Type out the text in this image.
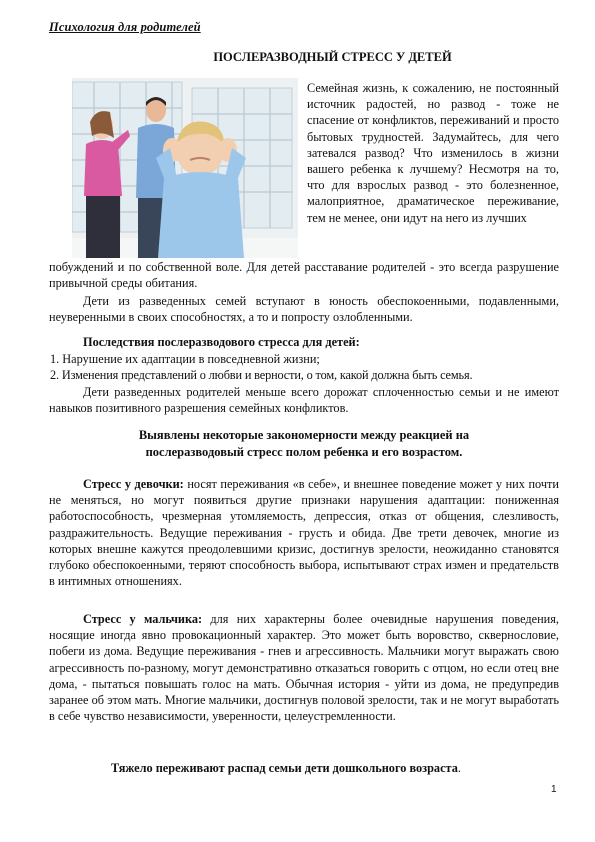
Психология для родителей
ПОСЛЕРАЗВОДНЫЙ СТРЕСС У ДЕТЕЙ
Семейная жизнь, к сожалению, не постоянный источник радостей, но развод - тоже не спасение от конфликтов, переживаний и просто бытовых трудностей. Задумайтесь, для чего затевался развод? Что изменилось в жизни вашего ребенка к лучшему? Несмотря на то, что для взрослых развод - это болезненное, малоприятное, драматическое переживание, тем не менее, они идут на него из лучших
побуждений и по собственной воле. Для детей расставание родителей - это всегда разрушение привычной среды обитания.
Дети из разведенных семей вступают в юность обеспокоенными, подавленными, неуверенными в своих способностях, а то и попросту озлобленными.
Последствия послеразводового стресса для детей:
1. Нарушение их адаптации в повседневной жизни;
2. Изменения представлений о любви и верности, о том, какой должна быть семья.
Дети разведенных родителей меньше всего дорожат сплоченностью семьи и не имеют навыков позитивного разрешения семейных конфликтов.
Выявлены некоторые закономерности между реакцией на послеразводовый стресс полом ребенка и его возрастом.
Стресс у девочки: носят переживания «в себе», и внешнее поведение может у них почти не меняться, но могут появиться другие признаки нарушения адаптации: пониженная работоспособность, чрезмерная утомляемость, депрессия, отказ от общения, слезливость, раздражительность. Ведущие переживания - грусть и обида. Две трети девочек, многие из которых внешне кажутся преодолевшими кризис, достигнув зрелости, неожиданно становятся глубоко обеспокоенными, теряют способность выбора, испытывают страх измен и предательств в интимных отношениях.
Стресс у мальчика: для них характерны более очевидные нарушения поведения, носящие иногда явно провокационный характер. Это может быть воровство, сквернословие, побеги из дома. Ведущие переживания - гнев и агрессивность. Мальчики могут выражать свою агрессивность по-разному, могут демонстративно отказаться говорить с отцом, но если отец вне дома, - пытаться повышать голос на мать. Обычная история - уйти из дома, не предупредив заранее об этом мать. Многие мальчики, достигнув половой зрелости, так и не могут выработать в себе чувство независимости, уверенности, целеустремленности.
Тяжело переживают распад семьи дети дошкольного возраста.
1
